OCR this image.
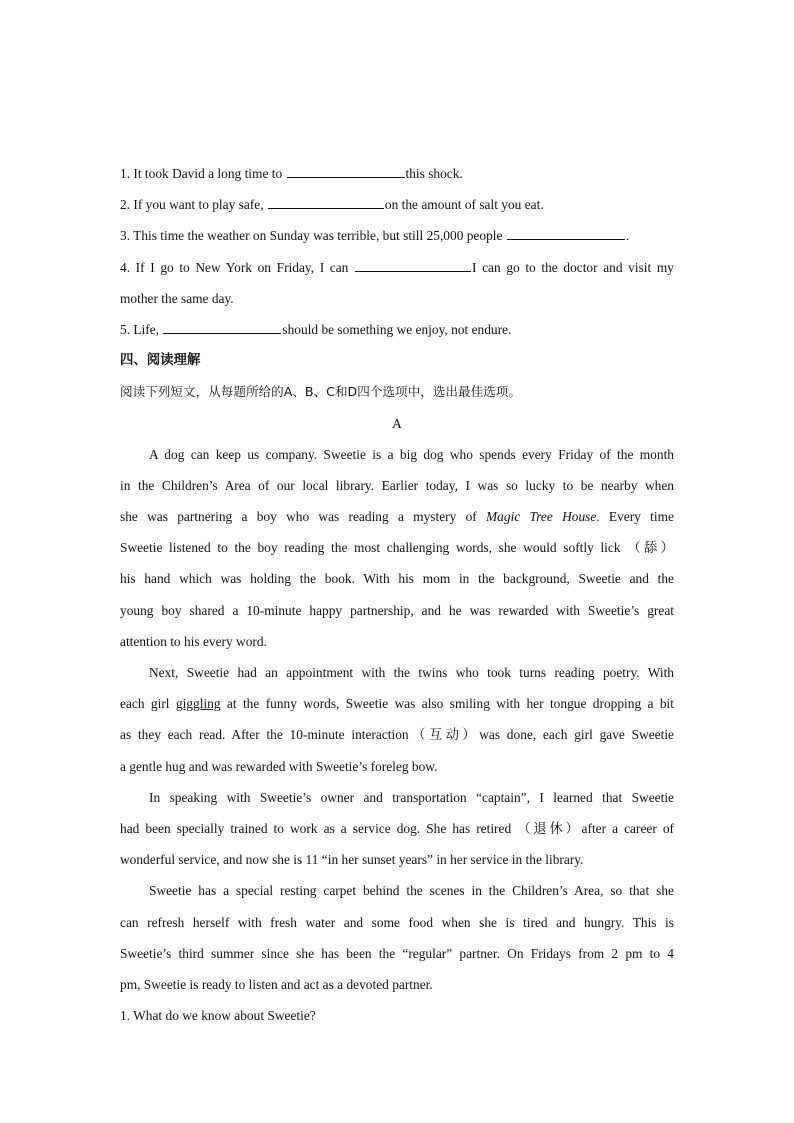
1. It took David a long time to	this shock.
2. If you want to play safe,	on the amount of salt you eat.
3. This time the weather on Sunday was terrible, but still 25,000 people	.
4. If I go to New York on Friday, I can	I can go to the doctor and visit my
mother the same day.
5. Life,	should be something we enjoy, not endure.
四、阅读理解
阅读下列短文，从每题所给的A、B、C和D四个选项中，选出最佳选项。
A
A dog can keep us company. Sweetie is a big dog who spends every Friday of the month
in the Children’s Area of our local library. Earlier today, I was so lucky to be nearby when
she was partnering a boy who was reading a mystery of Magic Tree House. Every time
Sweetie listened to the boy reading the most challenging words, she would softly lick （舔）
his hand which was holding the book. With his mom in the background, Sweetie and the
young boy shared a 10-minute happy partnership, and he was rewarded with Sweetie’s great
attention to his every word.
Next, Sweetie had an appointment with the twins who took turns reading poetry. With
each girl giggling at the funny words, Sweetie was also smiling with her tongue dropping a bit
as they each read. After the 10-minute interaction（互动）was done, each girl gave Sweetie
a gentle hug and was rewarded with Sweetie’s foreleg bow.
In speaking with Sweetie’s owner and transportation “captain”, I learned that Sweetie
had been specially trained to work as a service dog. She has retired （退休）after a career of
wonderful service, and now she is 11 “in her sunset years” in her service in the library.
Sweetie has a special resting carpet behind the scenes in the Children’s Area, so that she
can refresh herself with fresh water and some food when she is tired and hungry. This is
Sweetie’s third summer since she has been the “regular” partner. On Fridays from 2 pm to 4
pm, Sweetie is ready to listen and act as a devoted partner.
1. What do we know about Sweetie?
